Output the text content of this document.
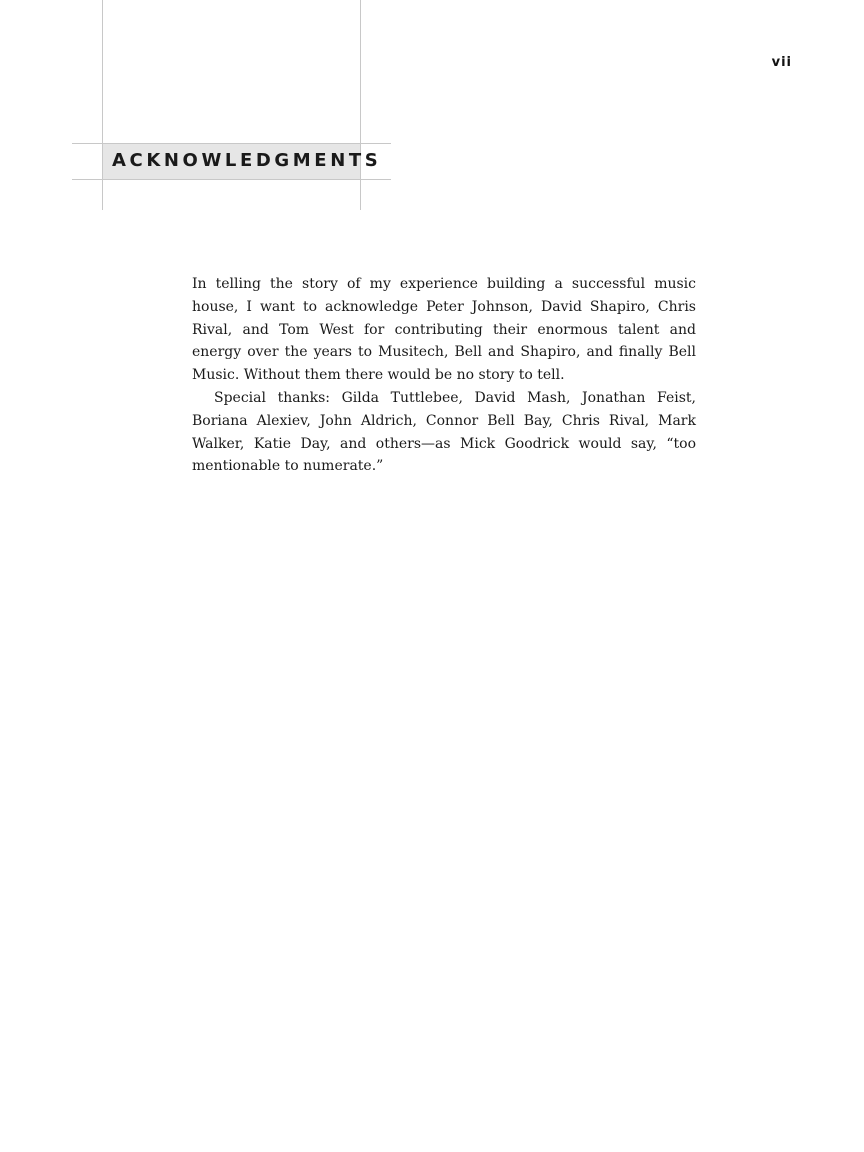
vii
ACKNOWLEDGMENTS

In telling the story of my experience building a successful music house, I want to acknowledge Peter Johnson, David Shapiro, Chris Rival, and Tom West for contributing their enormous talent and energy over the years to Musitech, Bell and Shapiro, and finally Bell Music. Without them there would be no story to tell.

Special thanks: Gilda Tuttlebee, David Mash, Jonathan Feist, Boriana Alexiev, John Aldrich, Connor Bell Bay, Chris Rival, Mark Walker, Katie Day, and others—as Mick Goodrick would say, “too mentionable to numerate.”
